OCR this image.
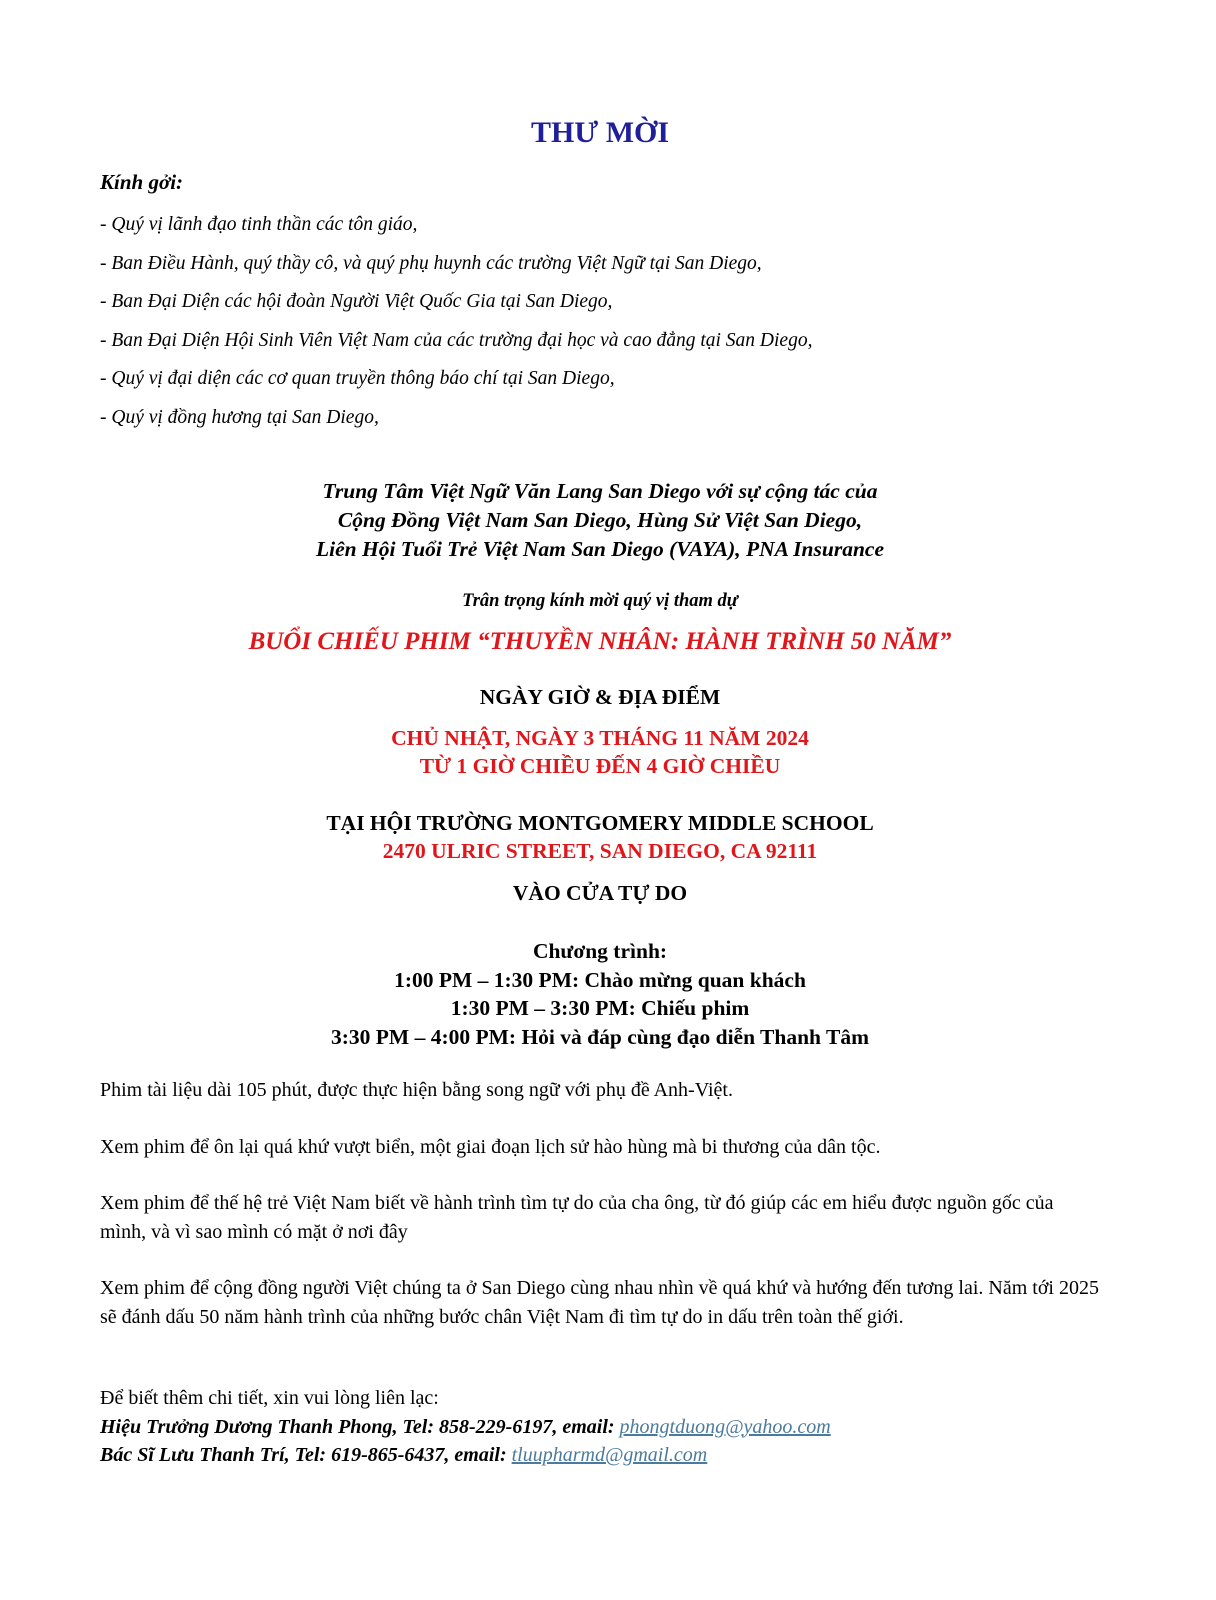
THƯ MỜI

Kính gởi:

- Quý vị lãnh đạo tinh thần các tôn giáo,
- Ban Điều Hành, quý thầy cô, và quý phụ huynh các trường Việt Ngữ tại San Diego,
- Ban Đại Diện các hội đoàn Người Việt Quốc Gia tại San Diego,
- Ban Đại Diện Hội Sinh Viên Việt Nam của các trường đại học và cao đẳng tại San Diego,
- Quý vị đại diện các cơ quan truyền thông báo chí tại San Diego,
- Quý vị đồng hương tại San Diego,
Trung Tâm Việt Ngữ Văn Lang San Diego với sự cộng tác của
Cộng Đồng Việt Nam San Diego, Hùng Sử Việt San Diego,
Liên Hội Tuổi Trẻ Việt Nam San Diego (VAYA), PNA Insurance
Trân trọng kính mời quý vị tham dự
BUỔI CHIẾU PHIM “THUYỀN NHÂN: HÀNH TRÌNH 50 NĂM”
NGÀY GIỜ & ĐỊA ĐIỂM
CHỦ NHẬT, NGÀY 3 THÁNG 11 NĂM 2024
TỪ 1 GIỜ CHIỀU ĐẾN 4 GIỜ CHIỀU
TẠI HỘI TRƯỜNG MONTGOMERY MIDDLE SCHOOL
2470 ULRIC STREET, SAN DIEGO, CA 92111
VÀO CỬA TỰ DO
Chương trình:
1:00 PM – 1:30 PM: Chào mừng quan khách
1:30 PM – 3:30 PM: Chiếu phim
3:30 PM – 4:00 PM: Hỏi và đáp cùng đạo diễn Thanh Tâm

Phim tài liệu dài 105 phút, được thực hiện bằng song ngữ với phụ đề Anh-Việt.

Xem phim để ôn lại quá khứ vượt biển, một giai đoạn lịch sử hào hùng mà bi thương của dân tộc.

Xem phim để thế hệ trẻ Việt Nam biết về hành trình tìm tự do của cha ông, từ đó giúp các em hiểu được nguồn gốc của mình, và vì sao mình có mặt ở nơi đây

Xem phim để cộng đồng người Việt chúng ta ở San Diego cùng nhau nhìn về quá khứ và hướng đến tương lai. Năm tới 2025 sẽ đánh dấu 50 năm hành trình của những bước chân Việt Nam đi tìm tự do in dấu trên toàn thế giới.

Để biết thêm chi tiết, xin vui lòng liên lạc:
Hiệu Trưởng Dương Thanh Phong, Tel: 858-229-6197, email: phongtduong@yahoo.com
Bác Sĩ Lưu Thanh Trí, Tel: 619-865-6437, email: tluupharmd@gmail.com
